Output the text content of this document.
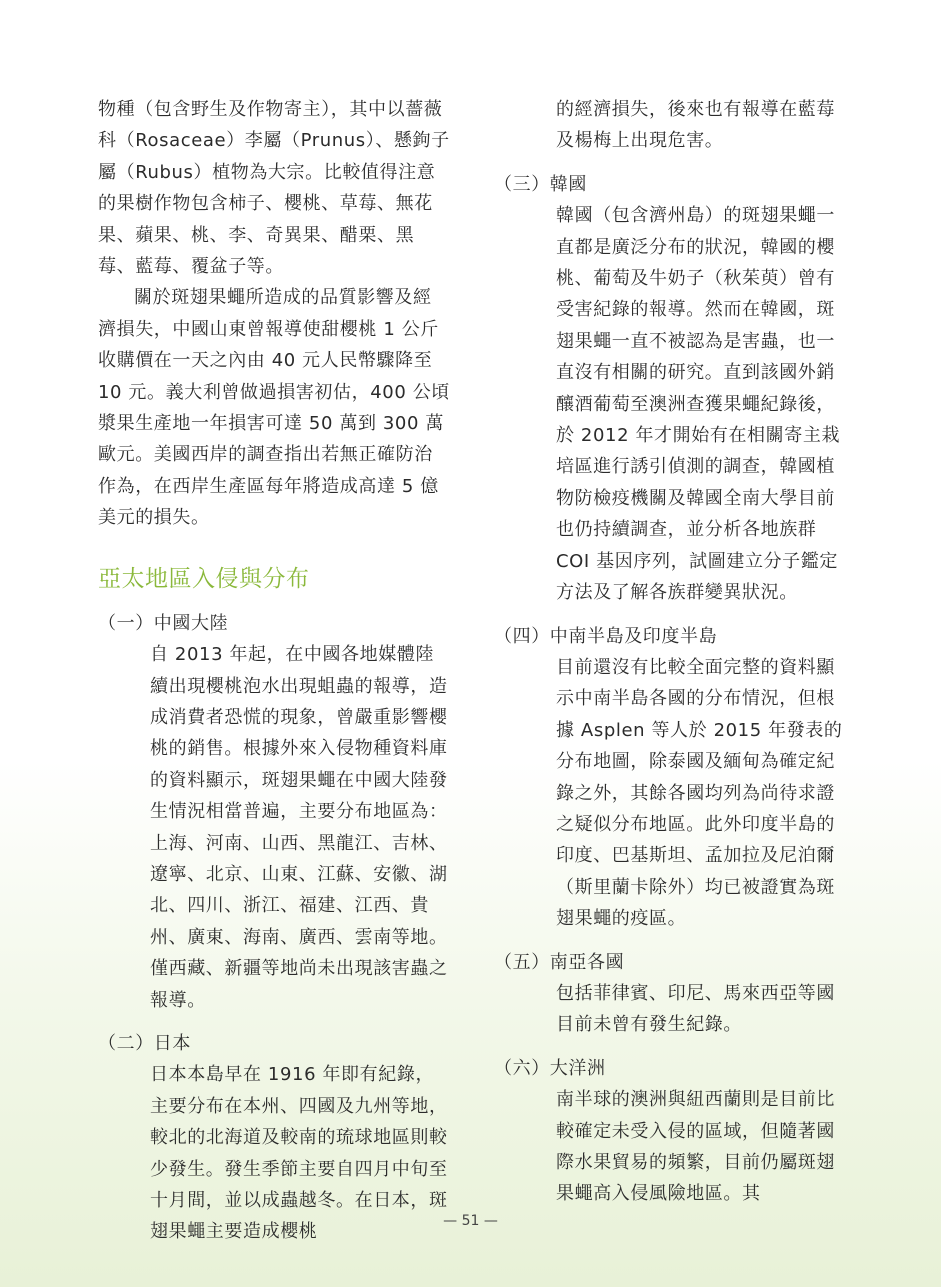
物種（包含野生及作物寄主），其中以薔薇科（Rosaceae）李屬（Prunus）、懸鉤子屬（Rubus）植物為大宗。比較值得注意的果樹作物包含柿子、櫻桃、草莓、無花果、蘋果、桃、李、奇異果、醋栗、黑莓、藍莓、覆盆子等。

關於斑翅果蠅所造成的品質影響及經濟損失，中國山東曾報導使甜櫻桃 1 公斤收購價在一天之內由 40 元人民幣驟降至 10 元。義大利曾做過損害初估，400 公頃漿果生產地一年損害可達 50 萬到 300 萬歐元。美國西岸的調查指出若無正確防治作為，在西岸生產區每年將造成高達 5 億美元的損失。

亞太地區入侵與分布
（一）中國大陸

自 2013 年起，在中國各地媒體陸續出現櫻桃泡水出現蛆蟲的報導，造成消費者恐慌的現象，曾嚴重影響櫻桃的銷售。根據外來入侵物種資料庫的資料顯示，斑翅果蠅在中國大陸發生情況相當普遍，主要分布地區為：上海、河南、山西、黑龍江、吉林、遼寧、北京、山東、江蘇、安徽、湖北、四川、浙江、福建、江西、貴州、廣東、海南、廣西、雲南等地。僅西藏、新疆等地尚未出現該害蟲之報導。

（二）日本

日本本島早在 1916 年即有紀錄，主要分布在本州、四國及九州等地，較北的北海道及較南的琉球地區則較少發生。發生季節主要自四月中旬至十月間，並以成蟲越冬。在日本，斑翅果蠅主要造成櫻桃

的經濟損失，後來也有報導在藍莓及楊梅上出現危害。

（三）韓國

韓國（包含濟州島）的斑翅果蠅一直都是廣泛分布的狀況，韓國的櫻桃、葡萄及牛奶子（秋茱萸）曾有受害紀錄的報導。然而在韓國，斑翅果蠅一直不被認為是害蟲，也一直沒有相關的研究。直到該國外銷釀酒葡萄至澳洲查獲果蠅紀錄後，於 2012 年才開始有在相關寄主栽培區進行誘引偵測的調查，韓國植物防檢疫機關及韓國全南大學目前也仍持續調查，並分析各地族群 COI 基因序列，試圖建立分子鑑定方法及了解各族群變異狀況。

（四）中南半島及印度半島

目前還沒有比較全面完整的資料顯示中南半島各國的分布情況，但根據 Asplen 等人於 2015 年發表的分布地圖，除泰國及緬甸為確定紀錄之外，其餘各國均列為尚待求證之疑似分布地區。此外印度半島的印度、巴基斯坦、孟加拉及尼泊爾（斯里蘭卡除外）均已被證實為斑翅果蠅的疫區。

（五）南亞各國

包括菲律賓、印尼、馬來西亞等國目前未曾有發生紀錄。

（六）大洋洲

南半球的澳洲與紐西蘭則是目前比較確定未受入侵的區域，但隨著國際水果貿易的頻繁，目前仍屬斑翅果蠅高入侵風險地區。其

— 51 —
